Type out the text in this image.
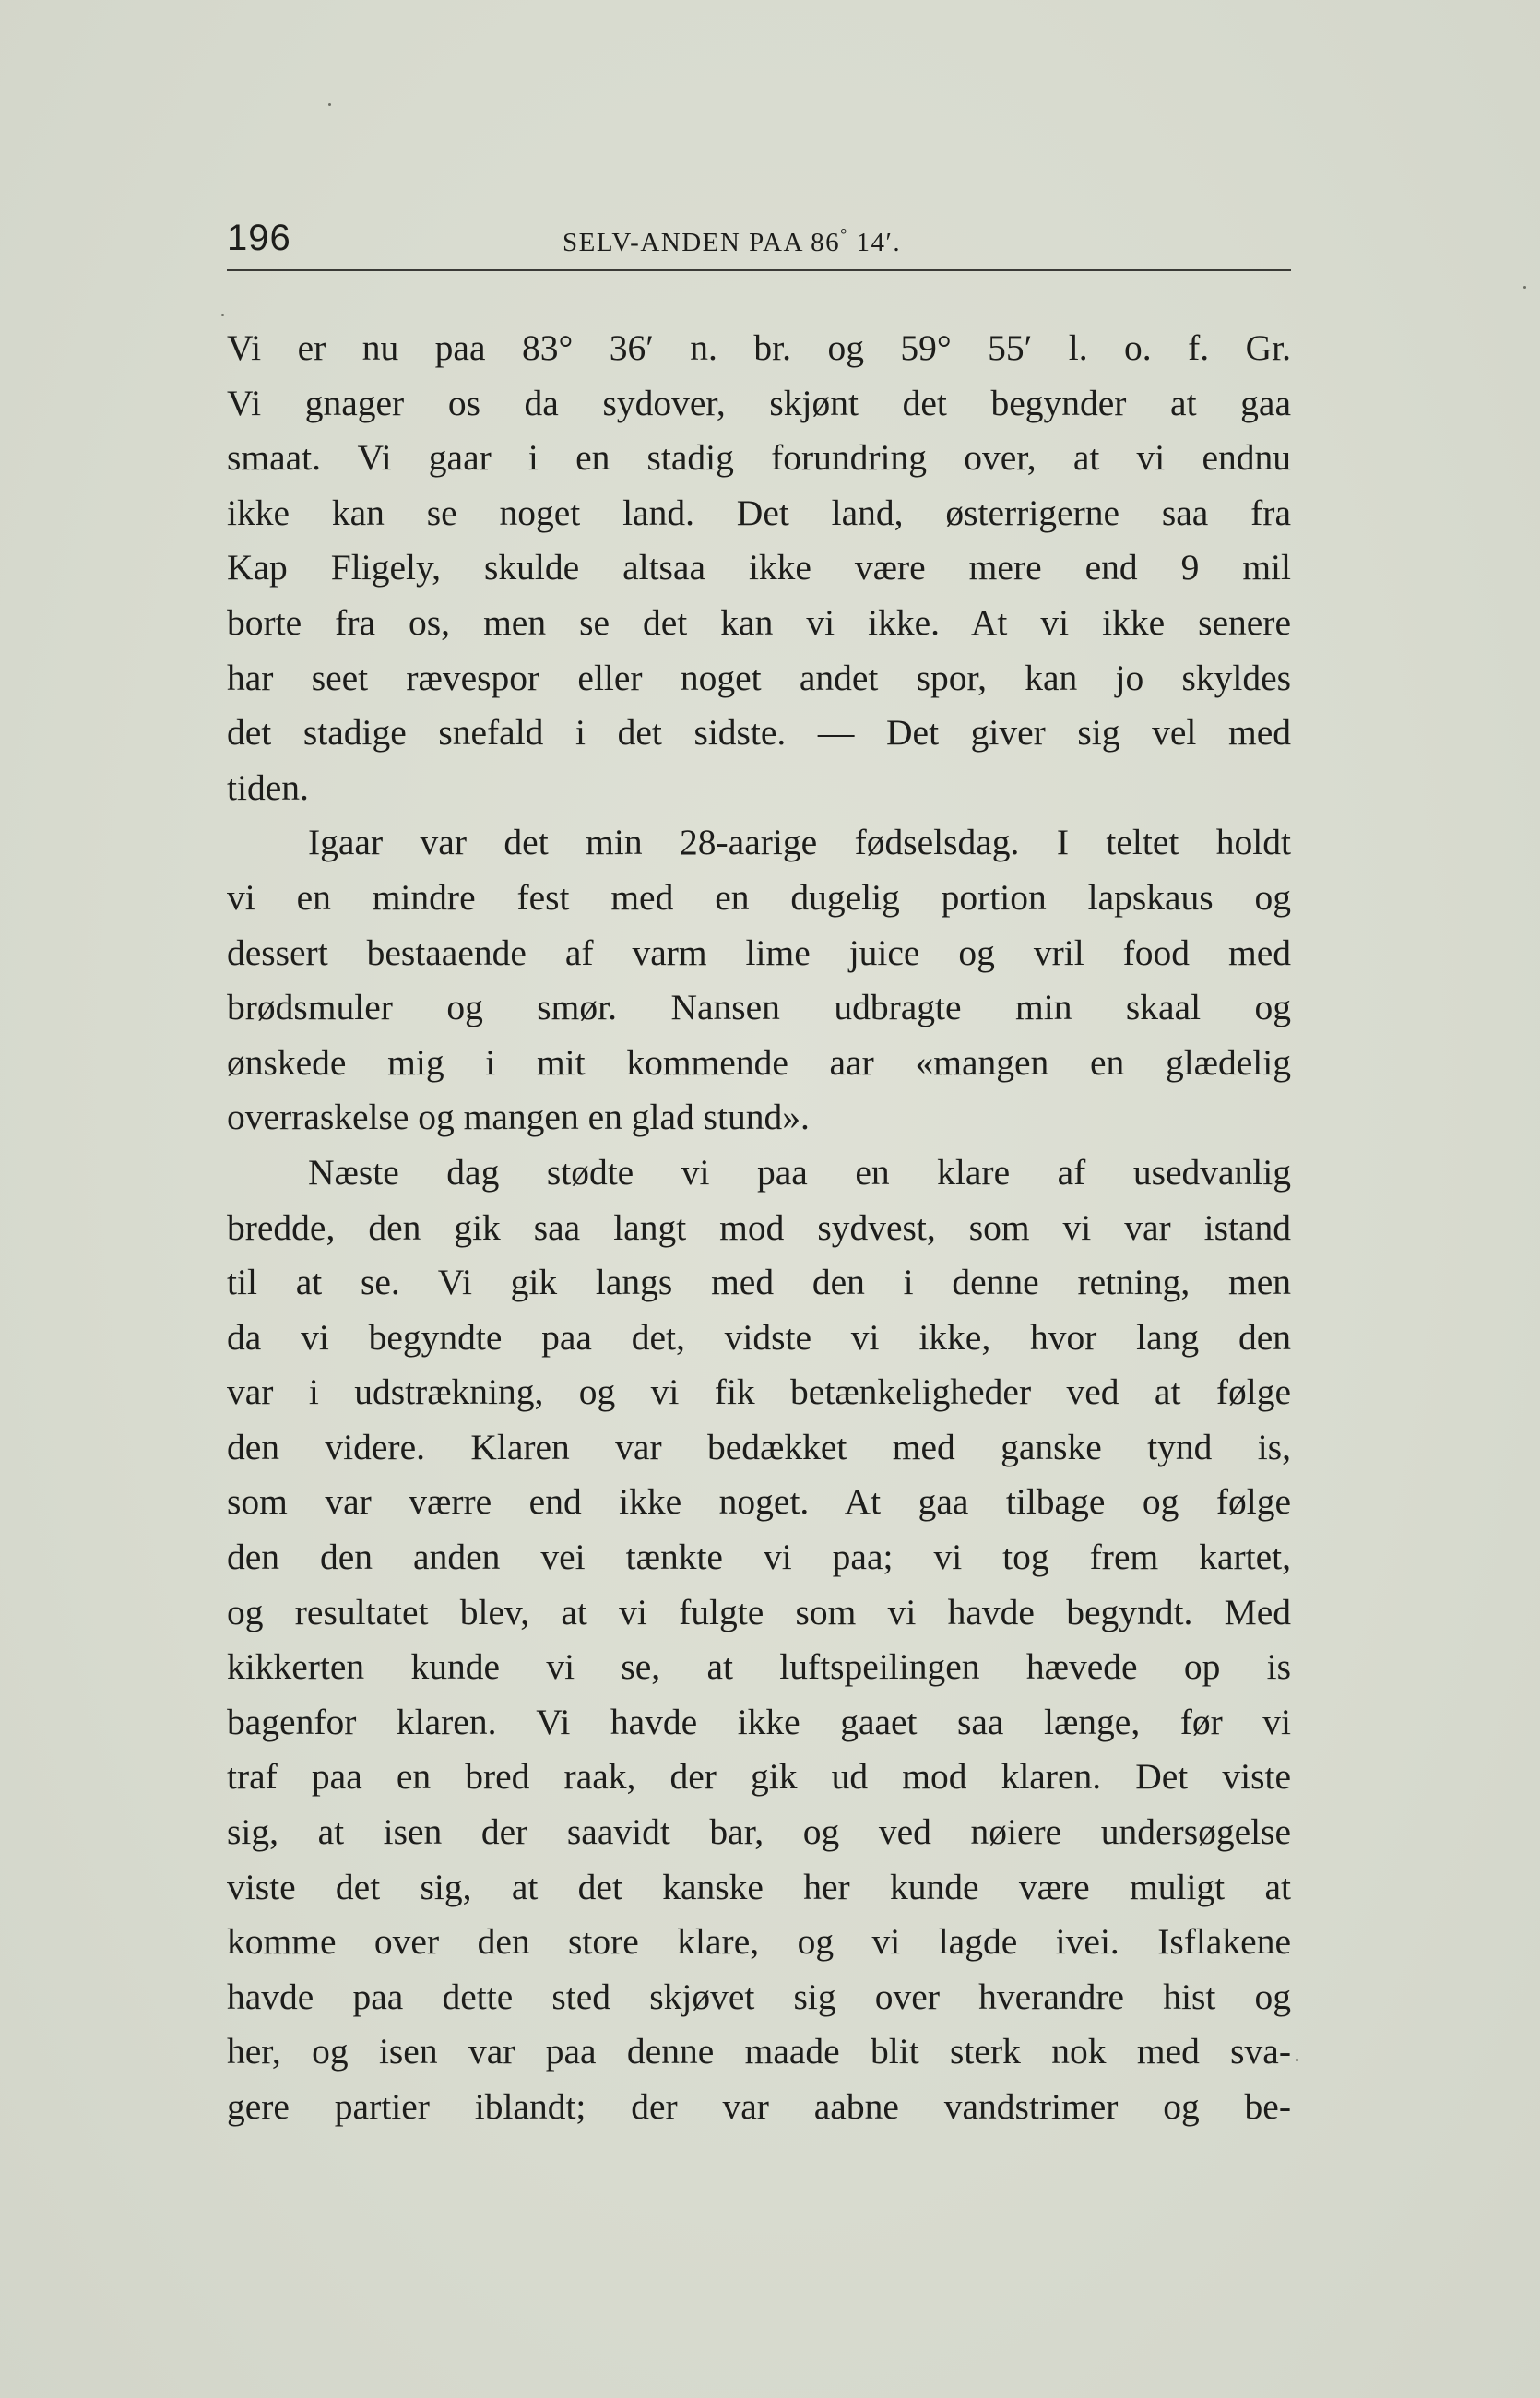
196	SELV-ANDEN PAA 86° 14′.
Vi er nu paa 83° 36′ n. br. og 59° 55′ l. o. f. Gr.
Vi gnager os da sydover, skjønt det begynder at gaa
smaat. Vi gaar i en stadig forundring over, at vi endnu
ikke kan se noget land. Det land, østerrigerne saa fra
Kap Fligely, skulde altsaa ikke være mere end 9 mil
borte fra os, men se det kan vi ikke. At vi ikke senere
har seet rævespor eller noget andet spor, kan jo skyldes
det stadige snefald i det sidste. — Det giver sig vel med
tiden.
Igaar var det min 28-aarige fødselsdag. I teltet holdt
vi en mindre fest med en dugelig portion lapskaus og
dessert bestaaende af varm lime juice og vril food med
brødsmuler og smør. Nansen udbragte min skaal og
ønskede mig i mit kommende aar «mangen en glædelig
overraskelse og mangen en glad stund».
Næste dag stødte vi paa en klare af usedvanlig
bredde, den gik saa langt mod sydvest, som vi var istand
til at se. Vi gik langs med den i denne retning, men
da vi begyndte paa det, vidste vi ikke, hvor lang den
var i udstrækning, og vi fik betænkeligheder ved at følge
den videre. Klaren var bedækket med ganske tynd is,
som var værre end ikke noget. At gaa tilbage og følge
den den anden vei tænkte vi paa; vi tog frem kartet,
og resultatet blev, at vi fulgte som vi havde begyndt. Med
kikkerten kunde vi se, at luftspeilingen hævede op is
bagenfor klaren. Vi havde ikke gaaet saa længe, før vi
traf paa en bred raak, der gik ud mod klaren. Det viste
sig, at isen der saavidt bar, og ved nøiere undersøgelse
viste det sig, at det kanske her kunde være muligt at
komme over den store klare, og vi lagde ivei. Isflakene
havde paa dette sted skjøvet sig over hverandre hist og
her, og isen var paa denne maade blit sterk nok med sva-
gere partier iblandt; der var aabne vandstrimer og be-
